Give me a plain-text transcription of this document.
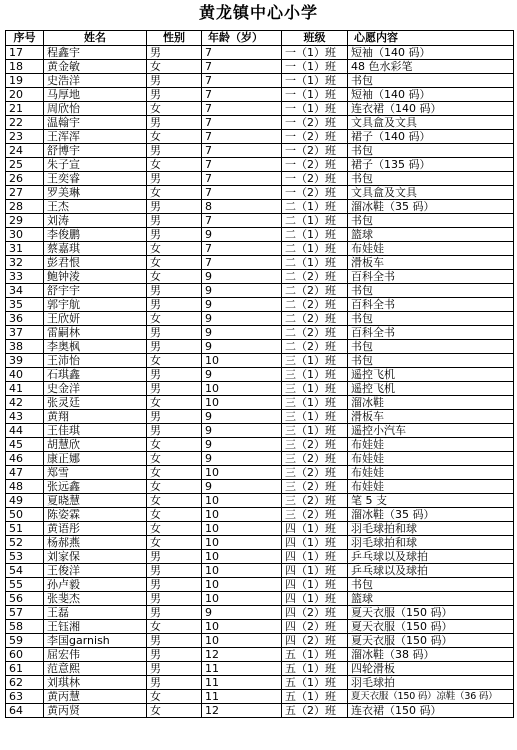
黄龙镇中心小学
序号	姓名	性别	年龄（岁）	班级	心愿内容
17	程鑫宇	男	7	一（1）班	短袖（140 码）
18	黄金敏	女	7	一（1）班	48 色水彩笔
19	史浩洋	男	7	一（1）班	书包
20	马厚地	男	7	一（1）班	短袖（140 码）
21	周欣怡	女	7	一（1）班	连衣裙（140 码）
22	温翰宇	男	7	一（2）班	文具盒及文具
23	王浑浑	女	7	一（2）班	裙子（140 码）
24	舒博宇	男	7	一（2）班	书包
25	朱子宣	女	7	一（2）班	裙子（135 码）
26	王奕睿	男	7	一（2）班	书包
27	罗美琳	女	7	一（2）班	文具盒及文具
28	王杰	男	8	二（1）班	溜冰鞋（35 码）
29	刘涛	男	7	二（1）班	书包
30	李俊鹏	男	9	二（1）班	篮球
31	蔡嘉琪	女	7	二（1）班	布娃娃
32	彭君恨	女	7	二（1）班	滑板车
33	鲍钟淩	女	9	二（2）班	百科全书
34	舒宇宇	男	9	二（2）班	书包
35	郭宇航	男	9	二（2）班	百科全书
36	王欣妍	女	9	二（2）班	书包
37	雷嗣林	男	9	二（2）班	百科全书
38	李奥枫	男	9	二（2）班	书包
39	王沛怡	女	10	三（1）班	书包
40	石琪鑫	男	9	三（1）班	遥控飞机
41	史金洋	男	10	三（1）班	遥控飞机
42	张灵廷	女	10	三（1）班	溜冰鞋
43	黄翔	男	9	三（1）班	滑板车
44	王佳琪	男	9	三（1）班	遥控小汽车
45	胡慧欣	女	9	三（2）班	布娃娃
46	康正娜	女	9	三（2）班	布娃娃
47	郑雪	女	10	三（2）班	布娃娃
48	张远鑫	女	9	三（2）班	布娃娃
49	夏晓慧	女	10	三（2）班	笔 5 支
50	陈姿霖	女	10	三（2）班	溜冰鞋（35 码）
51	黄语彤	女	10	四（1）班	羽毛球拍和球
52	杨郝燕	女	10	四（1）班	羽毛球拍和球
53	刘家保	男	10	四（1）班	乒乓球以及球拍
54	王俊洋	男	10	四（1）班	乒乓球以及球拍
55	孙卢毅	男	10	四（1）班	书包
56	张斐杰	男	10	四（1）班	篮球
57	王磊	男	9	四（2）班	夏天衣服（150 码）
58	王钰湘	女	10	四（2）班	夏天衣服（150 码）
59	李国garnish	男	10	四（2）班	夏天衣服（150 码）
60	屈宏伟	男	12	五（1）班	溜冰鞋（38 码）
61	范意熙	男	11	五（1）班	四轮滑板
62	刘琪林	男	11	五（1）班	羽毛球拍
63	黄丙慧	女	11	五（1）班	夏天衣服（150 码）凉鞋（36 码）
64	黄丙贤	女	12	五（2）班	连衣裙（150 码）
